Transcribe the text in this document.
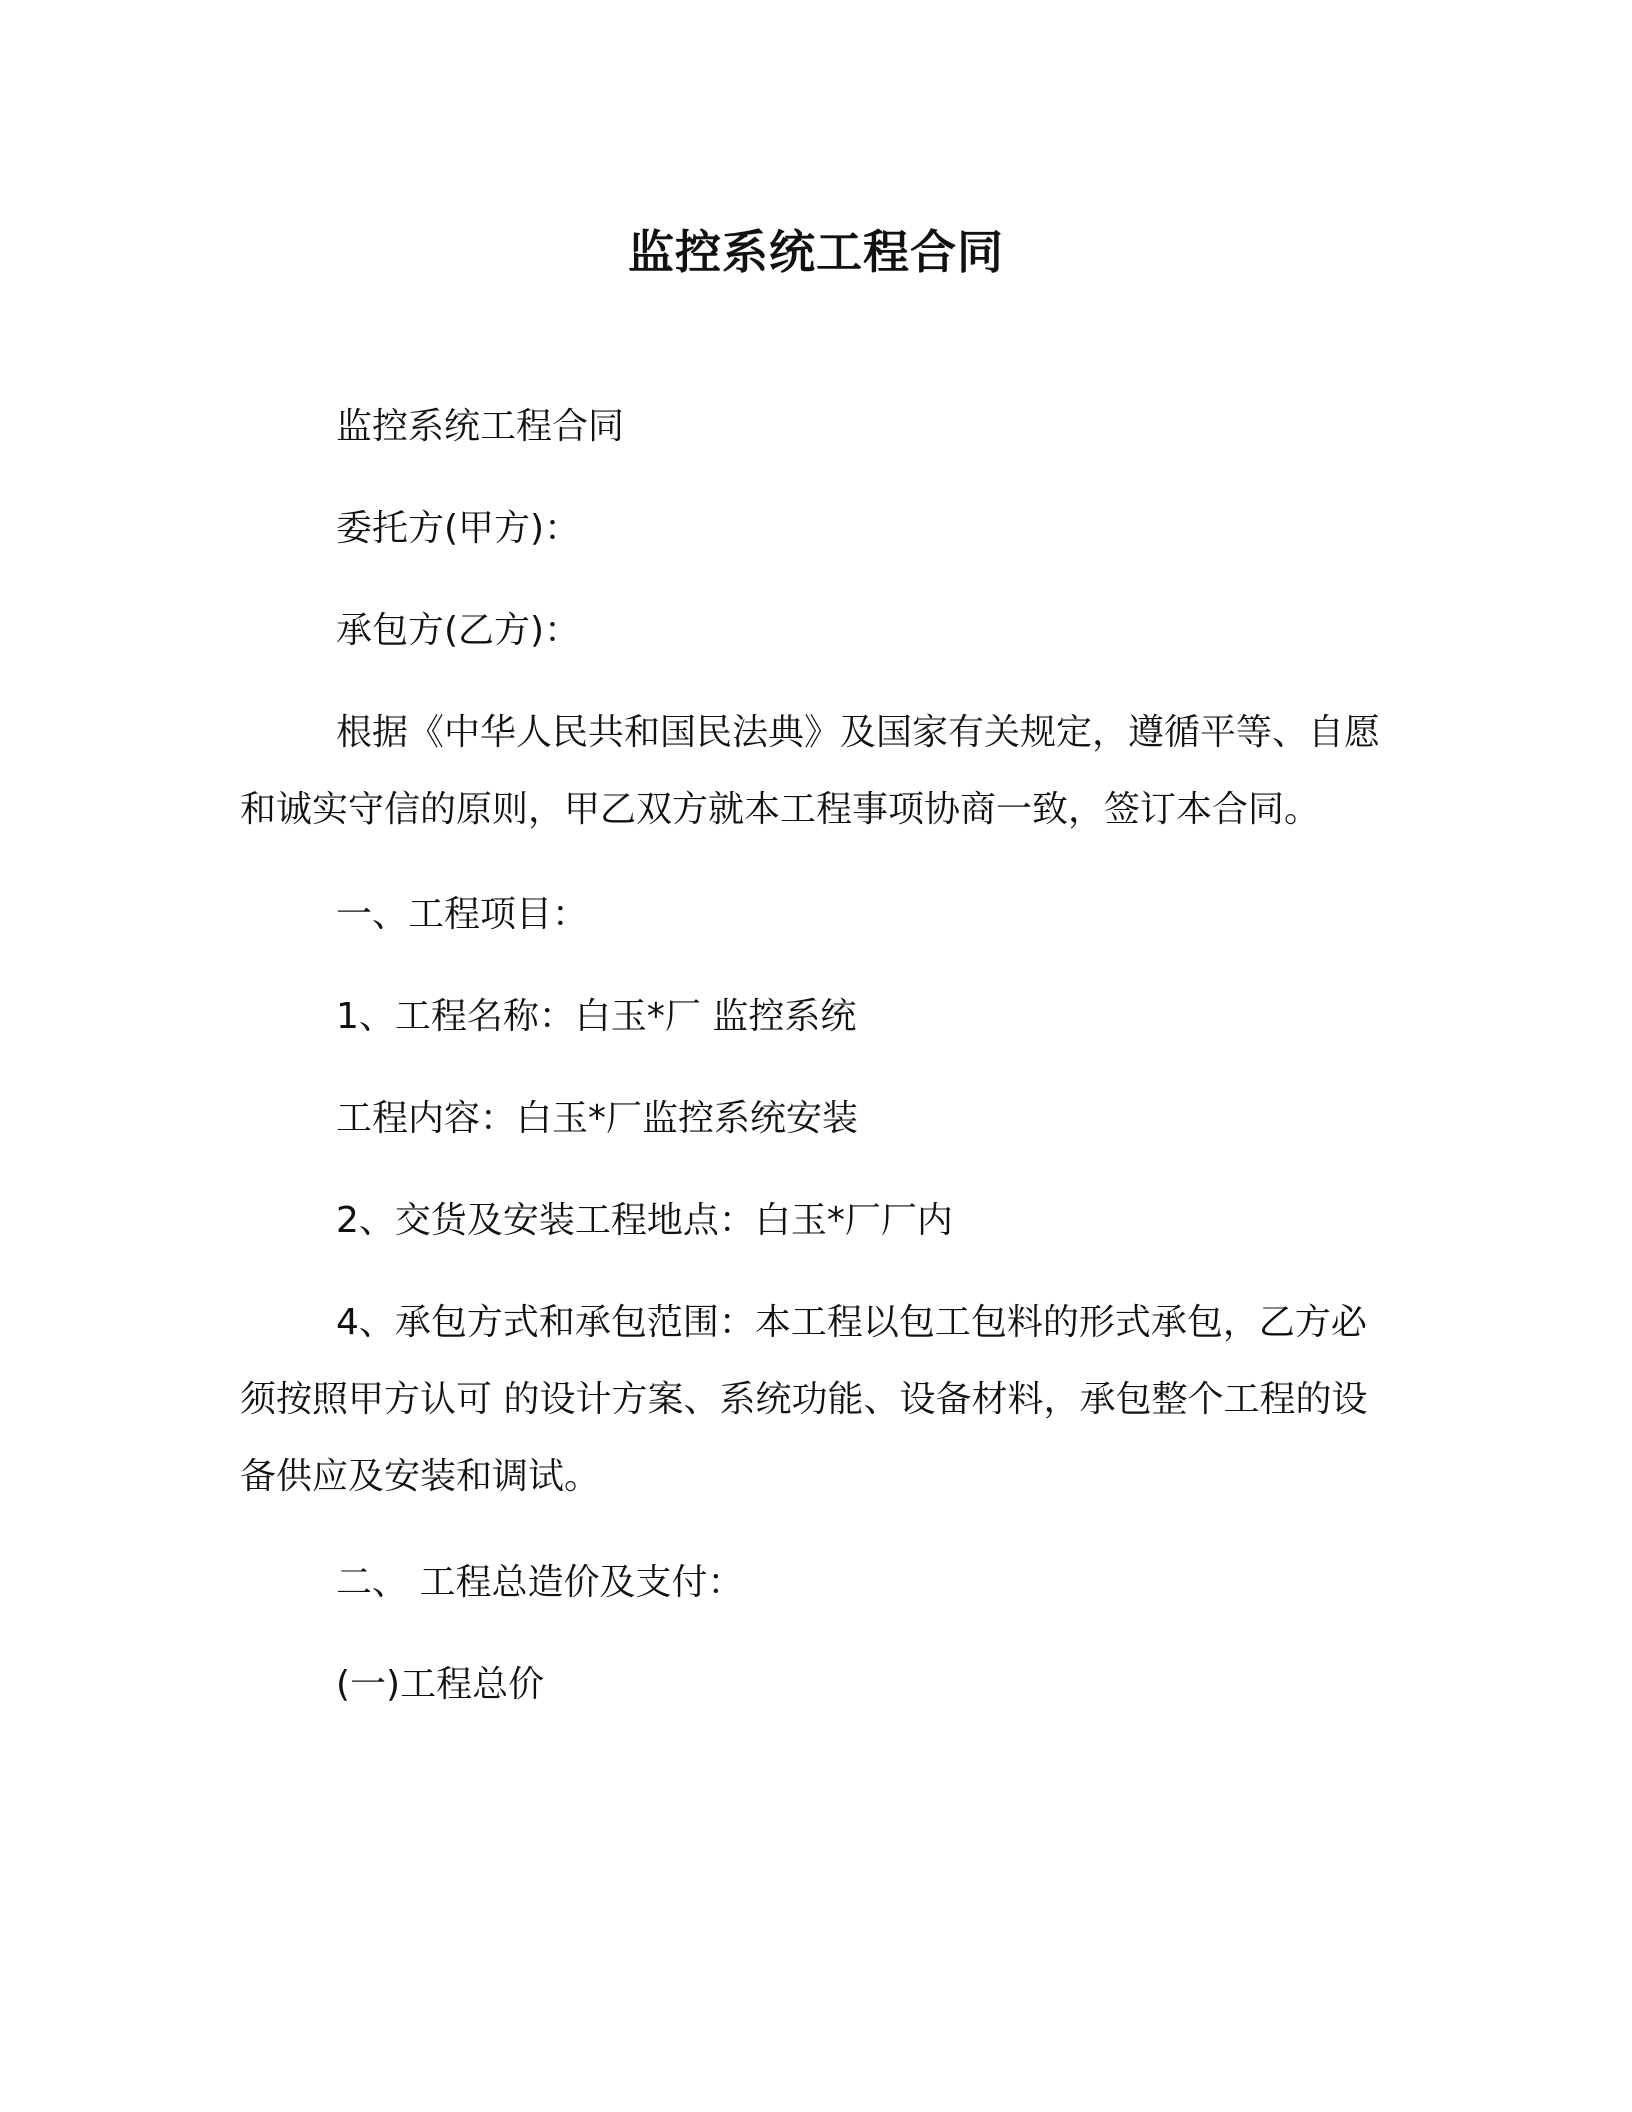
监控系统工程合同

监控系统工程合同

委托方(甲方)：

承包方(乙方)：

根据《中华人民共和国民法典》及国家有关规定，遵循平等、自愿和诚实守信的原则，甲乙双方就本工程事项协商一致，签订本合同。

一、工程项目：

1、工程名称：白玉*厂 监控系统

工程内容：白玉*厂监控系统安装

2、交货及安装工程地点：白玉*厂厂内

4、承包方式和承包范围：本工程以包工包料的形式承包，乙方必须按照甲方认可 的设计方案、系统功能、设备材料，承包整个工程的设备供应及安装和调试。

二、 工程总造价及支付：

(一)工程总价
